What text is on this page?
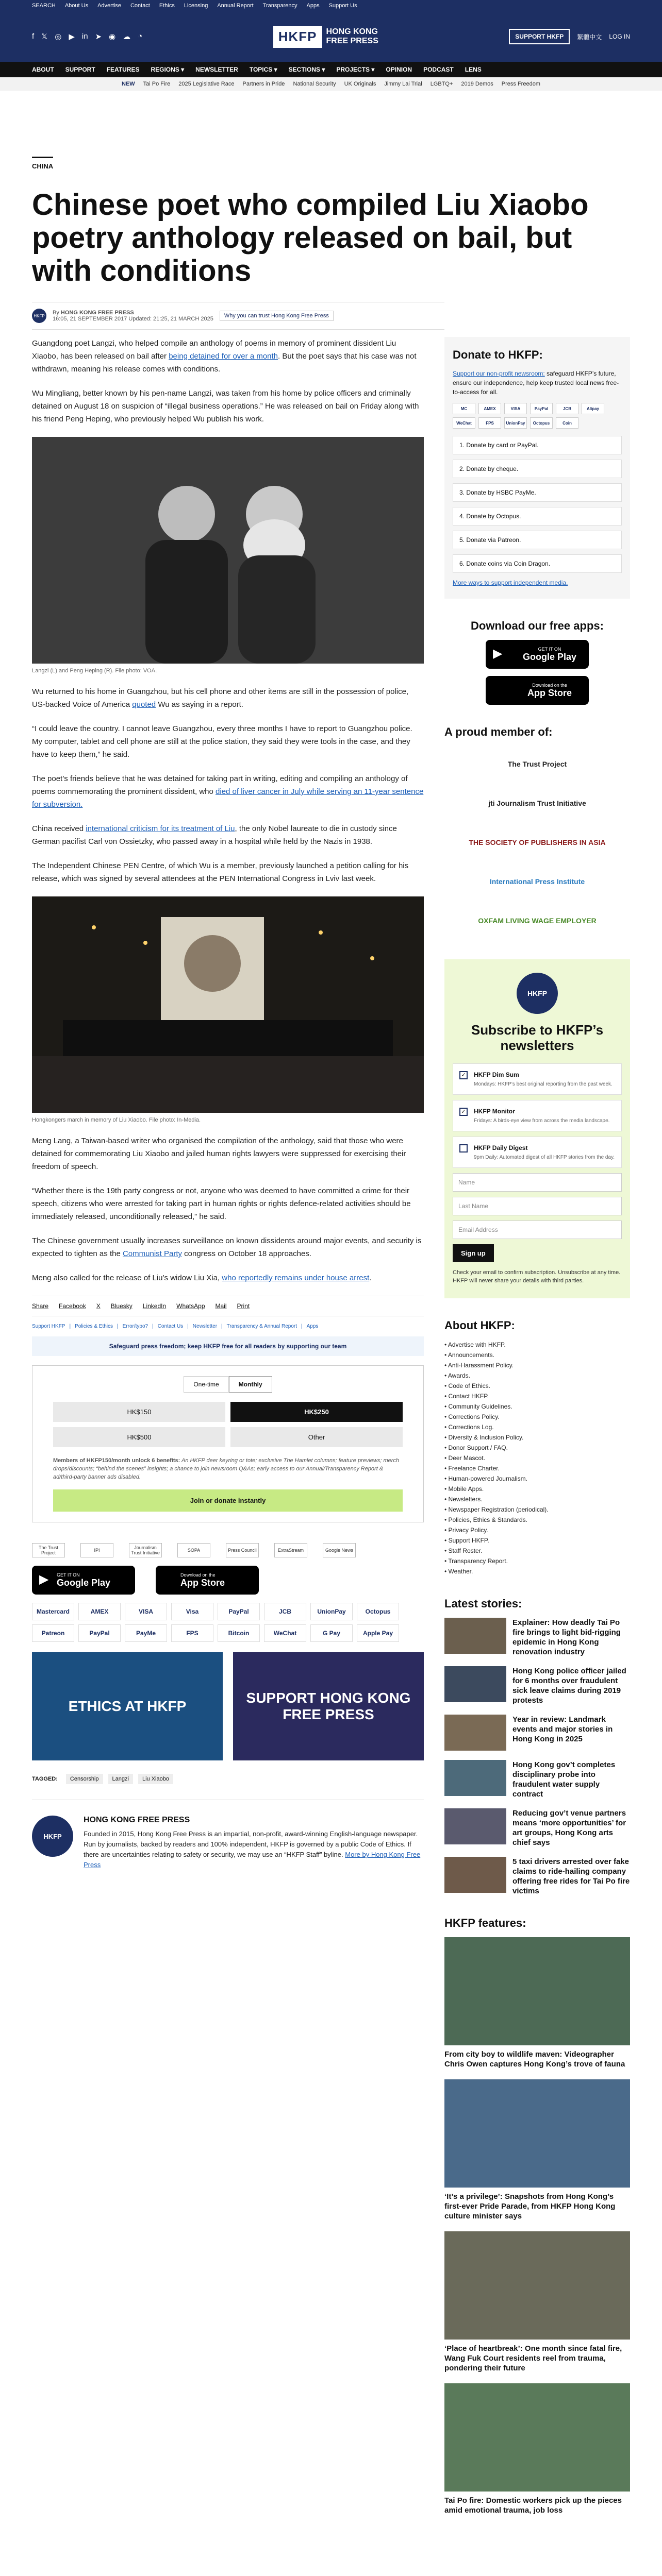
SEARCH About Us Advertise Contact Ethics Licensing Annual Report Transparency Apps Support Us
f 𝕏 ◎ ▶ in ➤ ◉ ☁ ◔	HKFP	HONG KONG
FREE PRESS	SUPPORT HKFP	繁體中文 LOG IN
ABOUT SUPPORT FEATURES REGIONS ▾ NEWSLETTER TOPICS ▾ SECTIONS ▾ PROJECTS ▾ OPINION PODCAST LENS
NEW Tai Po Fire 2025 Legislative Race Partners in Pride National Security UK Originals Jimmy Lai Trial LGBTQ+ 2019 Demos Press Freedom
CHINA
Chinese poet who compiled Liu Xiaobo poetry anthology released on bail, but with conditions
HKFP	By HONG KONG FREE PRESS
16:05, 21 SEPTEMBER 2017 Updated: 21:25, 21 MARCH 2025	Why you can trust Hong Kong Free Press

Guangdong poet Langzi, who helped compile an anthology of poems in memory of prominent dissident Liu Xiaobo, has been released on bail after being detained for over a month. But the poet says that his case was not withdrawn, meaning his release comes with conditions.

Wu Mingliang, better known by his pen-name Langzi, was taken from his home by police officers and criminally detained on August 18 on suspicion of “illegal business operations.” He was released on bail on Friday along with his friend Peng Heping, who previously helped Wu publish his work.

Langzi (L) and Peng Heping (R). File photo: VOA.

Wu returned to his home in Guangzhou, but his cell phone and other items are still in the possession of police, US-backed Voice of America quoted Wu as saying in a report.

“I could leave the country. I cannot leave Guangzhou, every three months I have to report to Guangzhou police. My computer, tablet and cell phone are still at the police station, they said they were tools in the case, and they have to keep them,” he said.

The poet’s friends believe that he was detained for taking part in writing, editing and compiling an anthology of poems commemorating the prominent dissident, who died of liver cancer in July while serving an 11-year sentence for subversion.

China received international criticism for its treatment of Liu, the only Nobel laureate to die in custody since German pacifist Carl von Ossietzky, who passed away in a hospital while held by the Nazis in 1938.

The Independent Chinese PEN Centre, of which Wu is a member, previously launched a petition calling for his release, which was signed by several attendees at the PEN International Congress in Lviv last week.

Hongkongers march in memory of Liu Xiaobo. File photo: In-Media.

Meng Lang, a Taiwan-based writer who organised the compilation of the anthology, said that those who were detained for commemorating Liu Xiaobo and jailed human rights lawyers were suppressed for exercising their freedom of speech.

“Whether there is the 19th party congress or not, anyone who was deemed to have committed a crime for their speech, citizens who were arrested for taking part in human rights or rights defence-related activities should be immediately released, unconditionally released,” he said.

The Chinese government usually increases surveillance on known dissidents around major events, and security is expected to tighten as the Communist Party congress on October 18 approaches.

Meng also called for the release of Liu’s widow Liu Xia, who reportedly remains under house arrest.

Share Facebook X Bluesky LinkedIn WhatsApp Mail Print
Support HKFP | Policies & Ethics | Error/typo? | Contact Us | Newsletter | Transparency & Annual Report | Apps
Safeguard press freedom; keep HKFP free for all readers by supporting our team
One-time	Monthly
HK$150	HK$250
HK$500	Other
Members of HKFP150/month unlock 6 benefits: An HKFP deer keyring or tote; exclusive The Hamlet columns; feature previews; merch drops/discounts; “behind the scenes” insights; a chance to join newsroom Q&As; early access to our Annual/Transparency Report & ad/third-party banner ads disabled.
Join or donate instantly
The Trust Project	IPI	Journalism Trust Initiative	SOPA	Press Council	ExtraStream	Google News
▶ GET IT ON
Google Play
Download on the
App Store
Mastercard	AMEX	VISA	Visa	PayPal	JCB	UnionPay	Octopus
Patreon	PayPal	PayMe	FPS	Bitcoin	WeChat	G Pay	Apple Pay
ETHICS AT HKFP
SUPPORT HONG KONG FREE PRESS
TAGGED:	Censorship	Langzi	Liu Xiaobo
HKFP
HONG KONG FREE PRESS

Founded in 2015, Hong Kong Free Press is an impartial, non-profit, award-winning English-language newspaper. Run by journalists, backed by readers and 100% independent, HKFP is governed by a public Code of Ethics. If there are uncertainties relating to safety or security, we may use an “HKFP Staff” byline. More by Hong Kong Free Press

Donate to HKFP:
Support our non-profit newsroom: safeguard HKFP’s future, ensure our independence, help keep trusted local news free-to-access for all.
MC	AMEX	VISA	PayPal	JCB	Alipay
WeChat	FPS	UnionPay	Octopus	Coin
1. Donate by card or PayPal.
2. Donate by cheque.
3. Donate by HSBC PayMe.
4. Donate by Octopus.
5. Donate via Patreon.
6. Donate coins via Coin Dragon.
More ways to support independent media.
Download our free apps:
▶	GET IT ON
Google Play
Download on the
App Store
A proud member of:
The Trust Project
jti Journalism Trust Initiative
THE SOCIETY OF PUBLISHERS IN ASIA
International Press Institute
OXFAM LIVING WAGE EMPLOYER
HKFP
Subscribe to HKFP’s newsletters
✓ HKFP Dim Sum

Mondays: HKFP’s best original reporting from the past week.

✓ HKFP Monitor

Fridays: A birds-eye view from across the media landscape.

HKFP Daily Digest

9pm Daily: Automated digest of all HKFP stories from the day.

Name
Last Name
Email Address
Sign up
Check your email to confirm subscription. Unsubscribe at any time. HKFP will never share your details with third parties.
About HKFP:
• Advertise with HKFP.
• Announcements.
• Anti-Harassment Policy.
• Awards.
• Code of Ethics.
• Contact HKFP.
• Community Guidelines.
• Corrections Policy.
• Corrections Log.
• Diversity & Inclusion Policy.
• Donor Support / FAQ.
• Deer Mascot.
• Freelance Charter.
• Human-powered Journalism.
• Mobile Apps.
• Newsletters.
• Newspaper Registration (periodical).
• Policies, Ethics & Standards.
• Privacy Policy.
• Support HKFP.
• Staff Roster.
• Transparency Report.
• Weather.
Latest stories:
Explainer: How deadly Tai Po fire brings to light bid-rigging epidemic in Hong Kong renovation industry
Hong Kong police officer jailed for 6 months over fraudulent sick leave claims during 2019 protests
Year in review: Landmark events and major stories in Hong Kong in 2025
Hong Kong gov’t completes disciplinary probe into fraudulent water supply contract
Reducing gov’t venue partners means ‘more opportunities’ for art groups, Hong Kong arts chief says
5 taxi drivers arrested over fake claims to ride-hailing company offering free rides for Tai Po fire victims
HKFP features:
From city boy to wildlife maven: Videographer Chris Owen captures Hong Kong’s trove of fauna
‘It’s a privilege’: Snapshots from Hong Kong’s first-ever Pride Parade, from HKFP Hong Kong culture minister says
‘Place of heartbreak’: One month since fatal fire, Wang Fuk Court residents reel from trauma, pondering their future
Tai Po fire: Domestic workers pick up the pieces amid emotional trauma, job loss
